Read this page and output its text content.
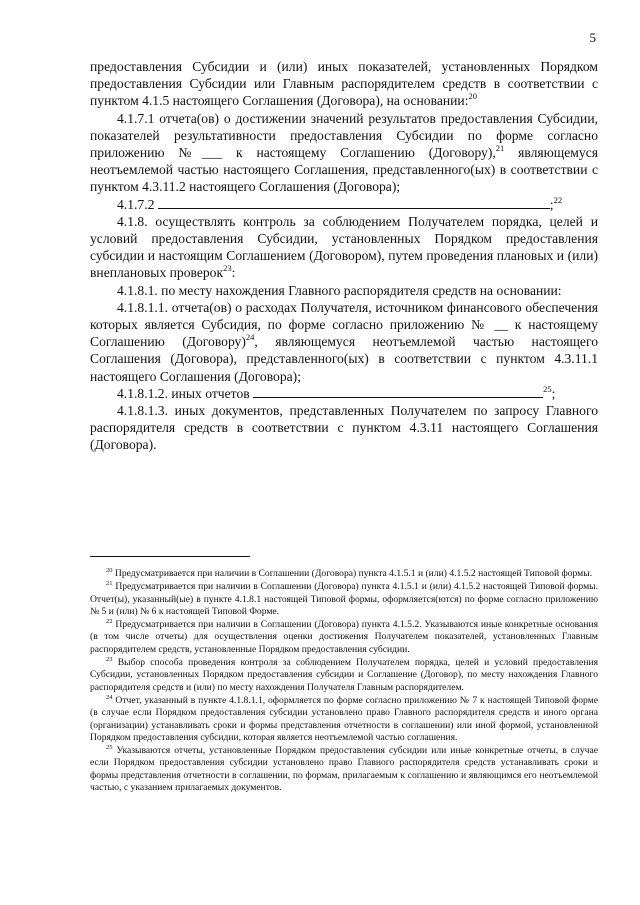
5

предоставления Субсидии и (или) иных показателей, установленных Порядком предоставления Субсидии или Главным распорядителем средств в соответствии с пунктом 4.1.5 настоящего Соглашения (Договора), на основании:$^{20}$

4.1.7.1 отчета(ов) о достижении значений результатов предоставления Субсидии, показателей результативности предоставления Субсидии по форме согласно приложению №___ к настоящему Соглашению (Договору),$^{21}$ являющемуся неотъемлемой частью настоящего Соглашения, представленного(ых) в соответствии с пунктом 4.3.11.2 настоящего Соглашения (Договора);

4.1.7.2	;$^{22}$

4.1.8. осуществлять контроль за соблюдением Получателем порядка, целей и условий предоставления Субсидии, установленных Порядком предоставления субсидии и настоящим Соглашением (Договором), путем проведения плановых и (или) внеплановых проверок$^{23}$:

4.1.8.1. по месту нахождения Главного распорядителя средств на основании:

4.1.8.1.1. отчета(ов) о расходах Получателя, источником финансового обеспечения которых является Субсидия, по форме согласно приложению № __ к настоящему Соглашению (Договору)$^{24}$, являющемуся неотъемлемой частью настоящего Соглашения (Договора), представленного(ых) в соответствии с пунктом 4.3.11.1 настоящего Соглашения (Договора);

4.1.8.1.2. иных отчетов	$^{25}$;

4.1.8.1.3. иных документов, представленных Получателем по запросу Главного распорядителя средств в соответствии с пунктом 4.3.11 настоящего Соглашения (Договора).

$^{20}$ Предусматривается при наличии в Соглашении (Договора) пункта 4.1.5.1 и (или) 4.1.5.2 настоящей Типовой формы.

$^{21}$ Предусматривается при наличии в Соглашении (Договора) пункта 4.1.5.1 и (или) 4.1.5.2 настоящей Типовой формы. Отчет(ы), указанный(ые) в пункте 4.1.8.1 настоящей Типовой формы, оформляется(ются) по форме согласно приложению № 5 и (или) № 6 к настоящей Типовой Форме.

$^{22}$ Предусматривается при наличии в Соглашении (Договора) пункта 4.1.5.2. Указываются иные конкретные основания (в том числе отчеты) для осуществления оценки достижения Получателем показателей, установленных Главным распорядителем средств, установленные Порядком предоставления субсидии.

$^{23}$ Выбор способа проведения контроля за соблюдением Получателем порядка, целей и условий предоставления Субсидии, установленных Порядком предоставления субсидии и Соглашение (Договор), по месту нахождения Главного распорядителя средств и (или) по месту нахождения Получателя Главным распорядителем.

$^{24}$ Отчет, указанный в пункте 4.1.8.1.1, оформляется по форме согласно приложению № 7 к настоящей Типовой форме (в случае если Порядком предоставления субсидии установлено право Главного распорядителя средств и иного органа (организации) устанавливать сроки и формы представления отчетности в соглашении) или иной формой, установленной Порядком предоставления субсидии, которая является неотъемлемой частью соглашения.

$^{25}$ Указываются отчеты, установленные Порядком предоставления субсидии или иные конкретные отчеты, в случае если Порядком предоставления субсидии установлено право Главного распорядителя средств устанавливать сроки и формы представления отчетности в соглашении, по формам, прилагаемым к соглашению и являющимся его неотъемлемой частью, с указанием прилагаемых документов.
